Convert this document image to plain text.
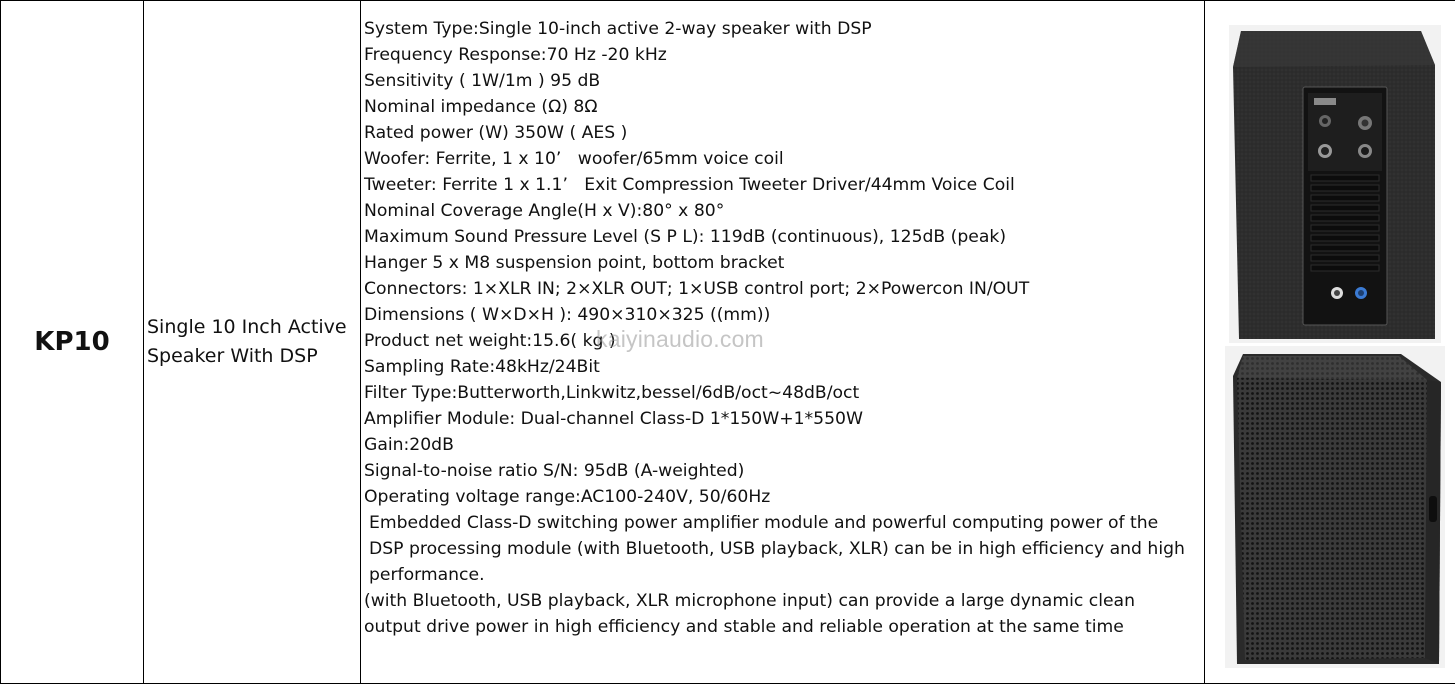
KP10	Single 10 Inch Active Speaker With DSP

System Type:Single 10-inch active 2-way speaker with DSP
Frequency Response:70 Hz -20 kHz
Sensitivity ( 1W/1m ) 95 dB
Nominal impedance (Ω) 8Ω
Rated power (W) 350W ( AES )
Woofer: Ferrite, 1 x 10’   woofer/65mm voice coil
Tweeter: Ferrite 1 x 1.1’   Exit Compression Tweeter Driver/44mm Voice Coil
Nominal Coverage Angle(H x V):80° x 80°
Maximum Sound Pressure Level (S P L): 119dB (continuous), 125dB (peak)
Hanger 5 x M8 suspension point, bottom bracket
Connectors: 1×XLR IN; 2×XLR OUT; 1×USB control port; 2×Powercon IN/OUT
Dimensions ( W×D×H ): 490×310×325 ((mm))
Product net weight:15.6( kg )
Sampling Rate:48kHz/24Bit
Filter Type:Butterworth,Linkwitz,bessel/6dB/oct~48dB/oct
Amplifier Module: Dual-channel Class-D 1*150W+1*550W
Gain:20dB
Signal-to-noise ratio S/N: 95dB (A-weighted)
Operating voltage range:AC100-240V, 50/60Hz
Embedded Class-D switching power amplifier module and powerful computing power of the DSP processing module (with Bluetooth, USB playback, XLR) can be in high efficiency and high performance.
(with Bluetooth, USB playback, XLR microphone input) can provide a large dynamic clean output drive power in high efficiency and stable and reliable operation at the same time

kaiyinaudio.com
